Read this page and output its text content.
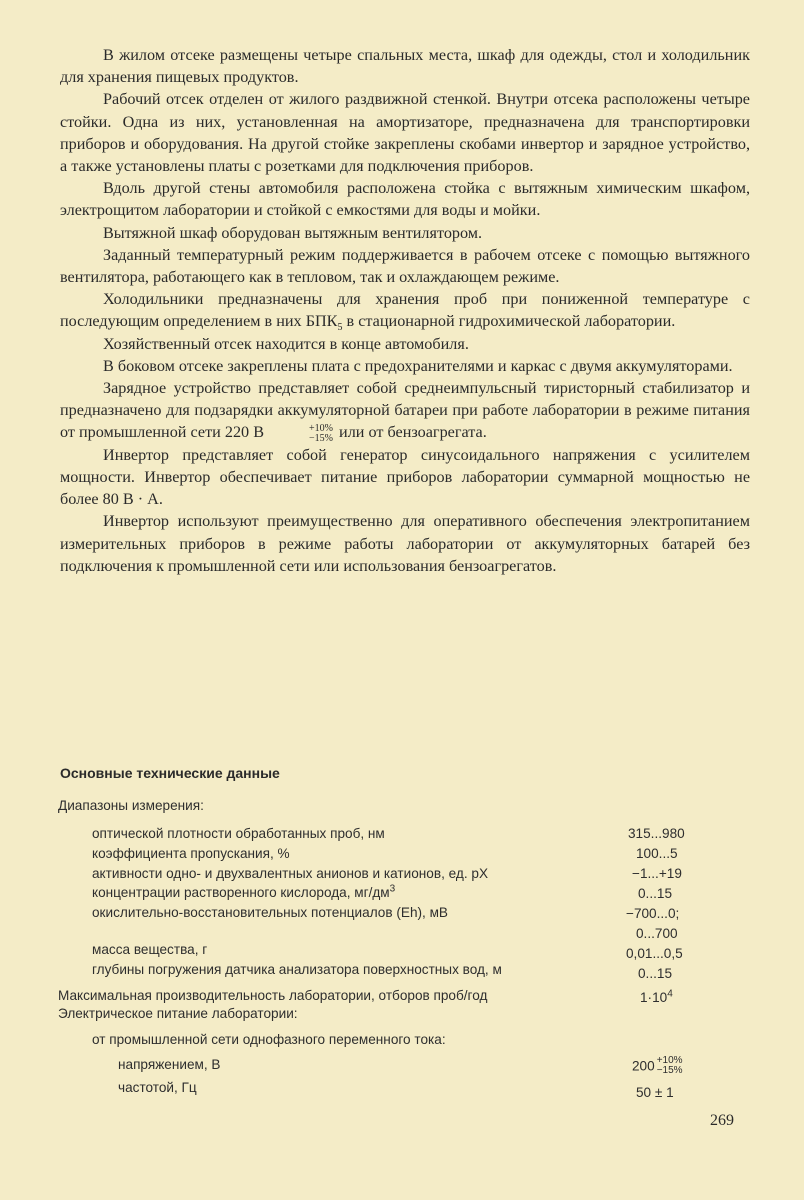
В жилом отсеке размещены четыре спальных места, шкаф для одежды, стол и холодильник для хранения пищевых продуктов.

Рабочий отсек отделен от жилого раздвижной стенкой. Внутри отсека расположены четыре стойки. Одна из них, установленная на амортизаторе, предназначена для транспортировки приборов и оборудования. На другой стойке закреплены скобами инвертор и зарядное устройство, а также установлены платы с розетками для подключения приборов.

Вдоль другой стены автомобиля расположена стойка с вытяжным химическим шкафом, электрощитом лаборатории и стойкой с емкостями для воды и мойки.

Вытяжной шкаф оборудован вытяжным вентилятором.

Заданный температурный режим поддерживается в рабочем отсеке с помощью вытяжного вентилятора, работающего как в тепловом, так и охлаждающем режиме.

Холодильники предназначены для хранения проб при пониженной температуре с последующим определением в них $БПК_5$ в стационарной гидрохимической лаборатории.

Хозяйственный отсек находится в конце автомобиля.

В боковом отсеке закреплены плата с предохранителями и каркас с двумя аккумуляторами.

Зарядное устройство представляет собой среднеимпульсный тиристорный стабилизатор и предназначено для подзарядки аккумуляторной батареи при работе лаборатории в режиме питания от промышленной сети 220 В	+10%
−15% или от бензоагрегата.

Инвертор представляет собой генератор синусоидального напряжения с усилителем мощности. Инвертор обеспечивает питание приборов лаборатории суммарной мощностью не более 80 В · А.

Инвертор используют преимущественно для оперативного обеспечения электропитанием измерительных приборов в режиме работы лаборатории от аккумуляторных батарей без подключения к промышленной сети или использования бензоагрегатов.

Основные технические данные
Диапазоны измерения:
оптической плотности обработанных проб, нм	315...980
коэффициента пропускания, %	100...5
активности одно- и двухвалентных анионов и катионов, ед. pX	−1...+19
концентрации растворенного кислорода, $мг/дм^3$	0...15
окислительно-восстановительных потенциалов (Eh), мВ	−700...0;
0...700
масса вещества, г	0,01...0,5
глубины погружения датчика анализатора поверхностных вод, м	0...15
Максимальная производительность лаборатории, отборов проб/год	$1\cdot 10^4$
Электрическое питание лаборатории:
от промышленной сети однофазного переменного тока:
напряжением, В	200 +10%
−15%
частотой, Гц	50 ± 1
269
